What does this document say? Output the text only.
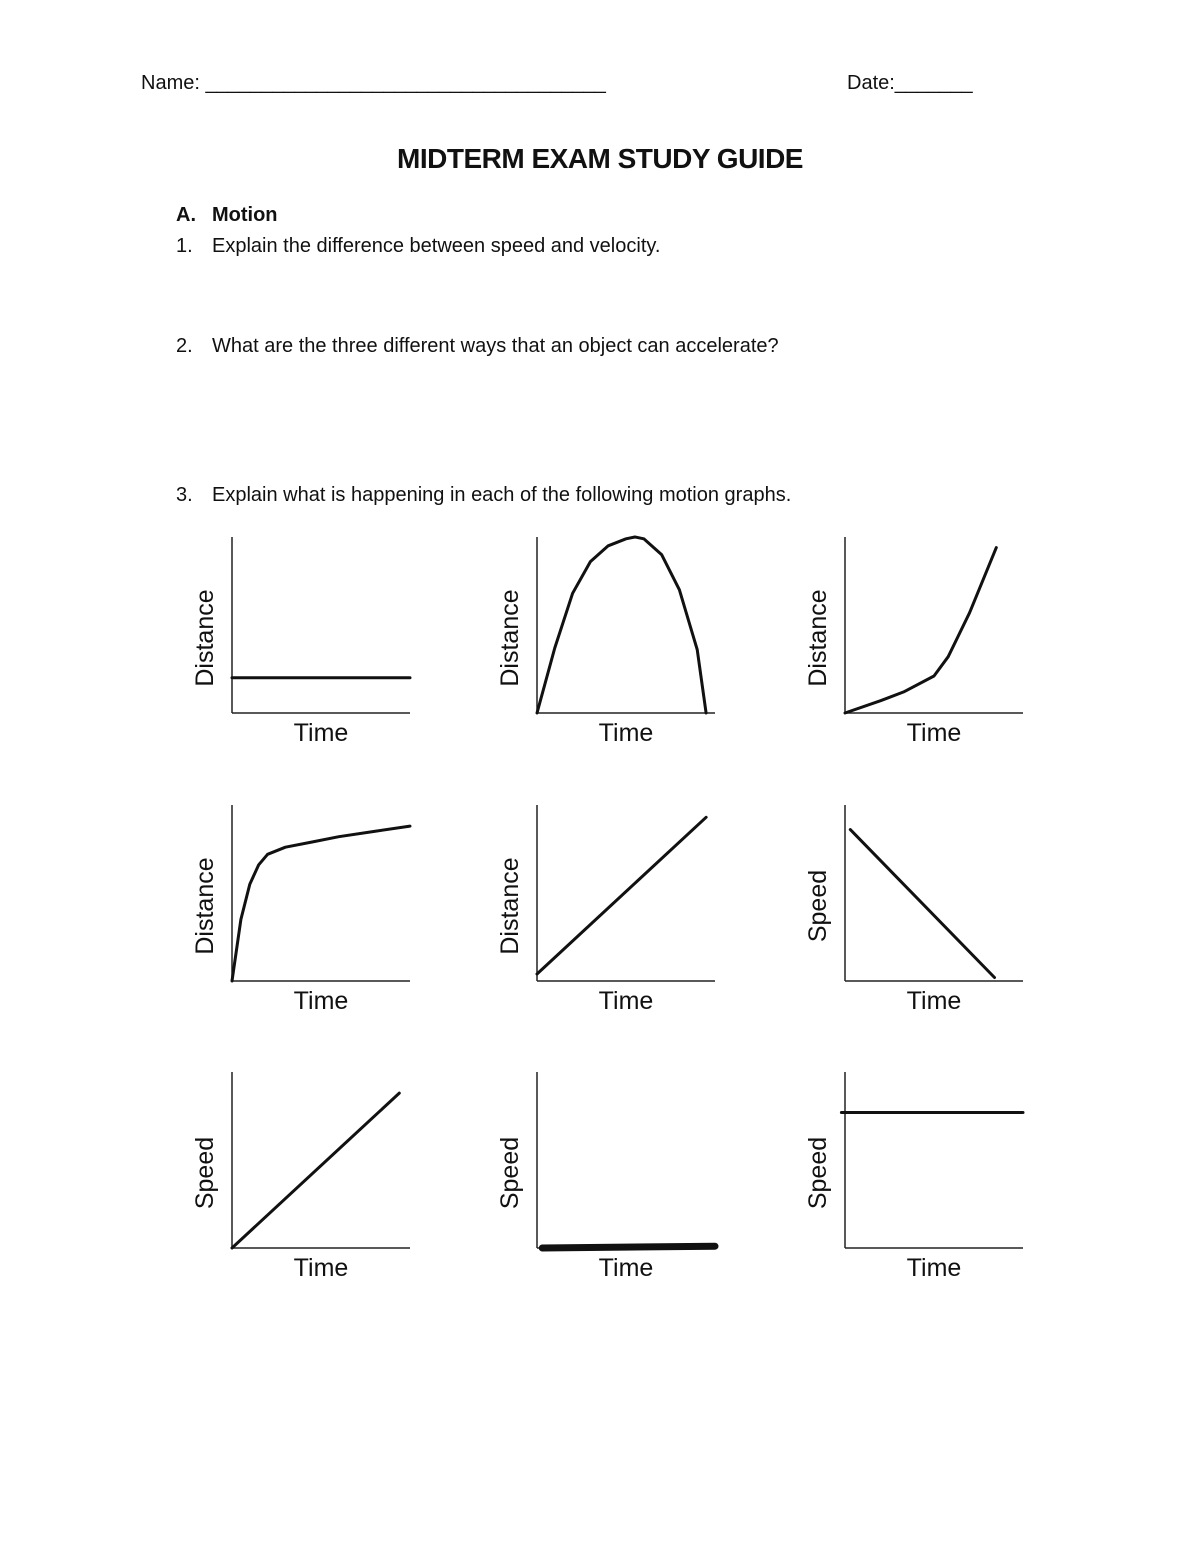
Name: ____________________________________	Date:_______
MIDTERM EXAM STUDY GUIDE
A. Motion
1. Explain the difference between speed and velocity.
2. What are the three different ways that an object can accelerate?
3. Explain what is happening in each of the following motion graphs.
Distance
Time
Distance
Time
Distance
Time
Distance
Time
Distance
Time
Speed
Time
Speed
Time
Speed
Time
Speed
Time
